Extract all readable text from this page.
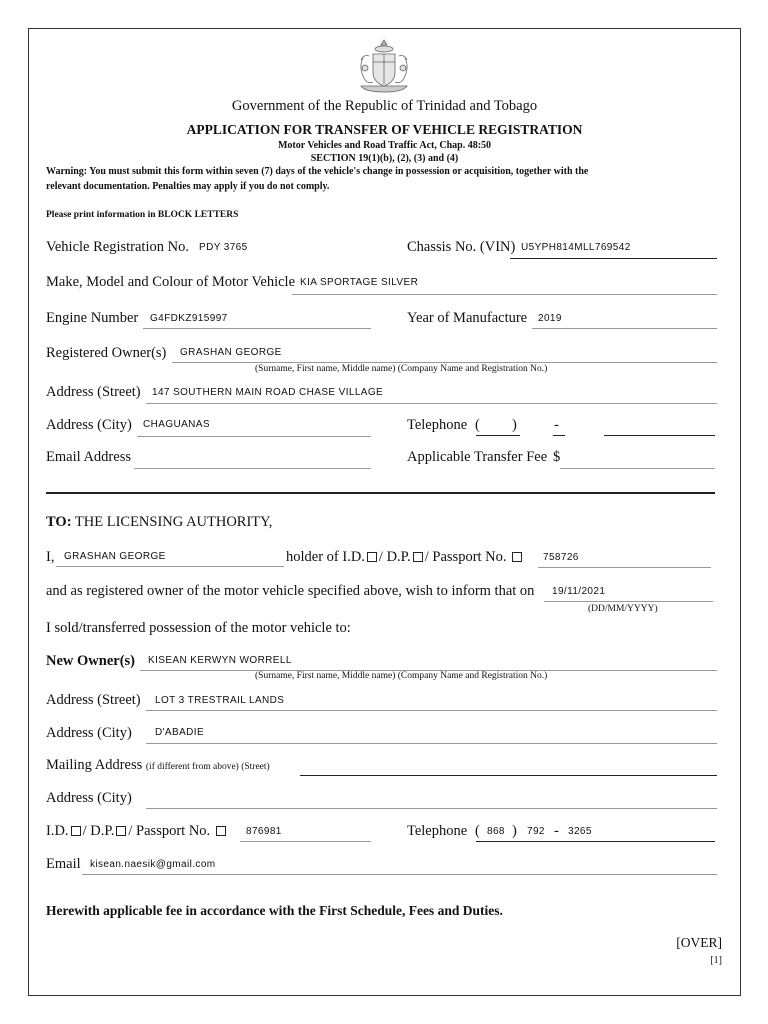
Government of the Republic of Trinidad and Tobago
APPLICATION FOR TRANSFER OF VEHICLE REGISTRATION
Motor Vehicles and Road Traffic Act, Chap. 48:50
SECTION 19(1)(b), (2), (3) and (4)
Warning: You must submit this form within seven (7) days of the vehicle's change in possession or acquisition, together with the
relevant documentation. Penalties may apply if you do not comply.
Please print information in BLOCK LETTERS
Vehicle Registration No. PDY 3765	Chassis No. (VIN) U5YPH814MLL769542
Make, Model and Colour of Motor Vehicle KIA SPORTAGE SILVER
Engine Number G4FDKZ915997	Year of Manufacture 2019
Registered Owner(s) GRASHAN GEORGE
(Surname, First name, Middle name) (Company Name and Registration No.)
Address (Street) 147 SOUTHERN MAIN ROAD CHASE VILLAGE
Address (City) CHAGUANAS	Telephone ( )	-
Email Address	Applicable Transfer Fee $
TO: THE LICENSING AUTHORITY,
I, GRASHAN GEORGE	holder of I.D. / D.P. / Passport No.	758726
and as registered owner of the motor vehicle specified above, wish to inform that on 19/11/2021
(DD/MM/YYYY)
I sold/transferred possession of the motor vehicle to:
New Owner(s) KISEAN KERWYN WORRELL
(Surname, First name, Middle name) (Company Name and Registration No.)
Address (Street) LOT 3 TRESTRAIL LANDS
Address (City) D'ABADIE
Mailing Address (if different from above) (Street)
Address (City)
I.D. / D.P. / Passport No.	876981	Telephone ( 868 ) 792 - 3265
Email kisean.naesik@gmail.com
Herewith applicable fee in accordance with the First Schedule, Fees and Duties.
[OVER]
[1]
